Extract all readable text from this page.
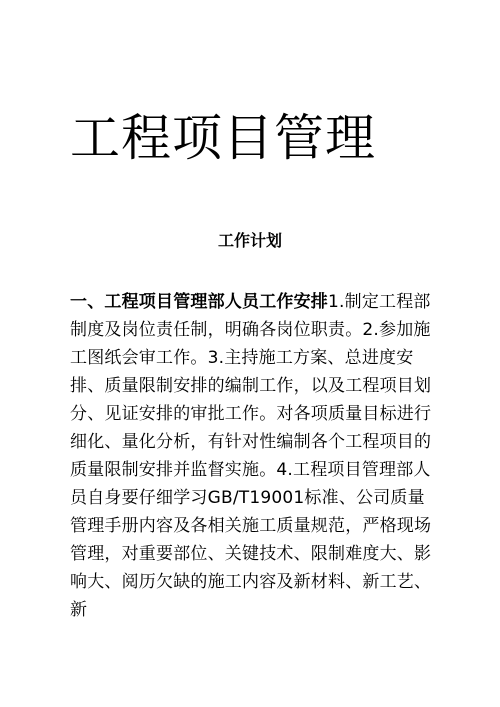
工程项目管理
工作计划

一、工程项目管理部人员工作安排1.制定工程部制度及岗位责任制，明确各岗位职责。2.参加施工图纸会审工作。3.主持施工方案、总进度安排、质量限制安排的编制工作，以及工程项目划分、见证安排的审批工作。对各项质量目标进行细化、量化分析，有针对性编制各个工程项目的质量限制安排并监督实施。4.工程项目管理部人员自身要仔细学习GB/T19001标准、公司质量管理手册内容及各相关施工质量规范，严格现场管理，对重要部位、关键技术、限制难度大、影响大、阅历欠缺的施工内容及新材料、新工艺、新
